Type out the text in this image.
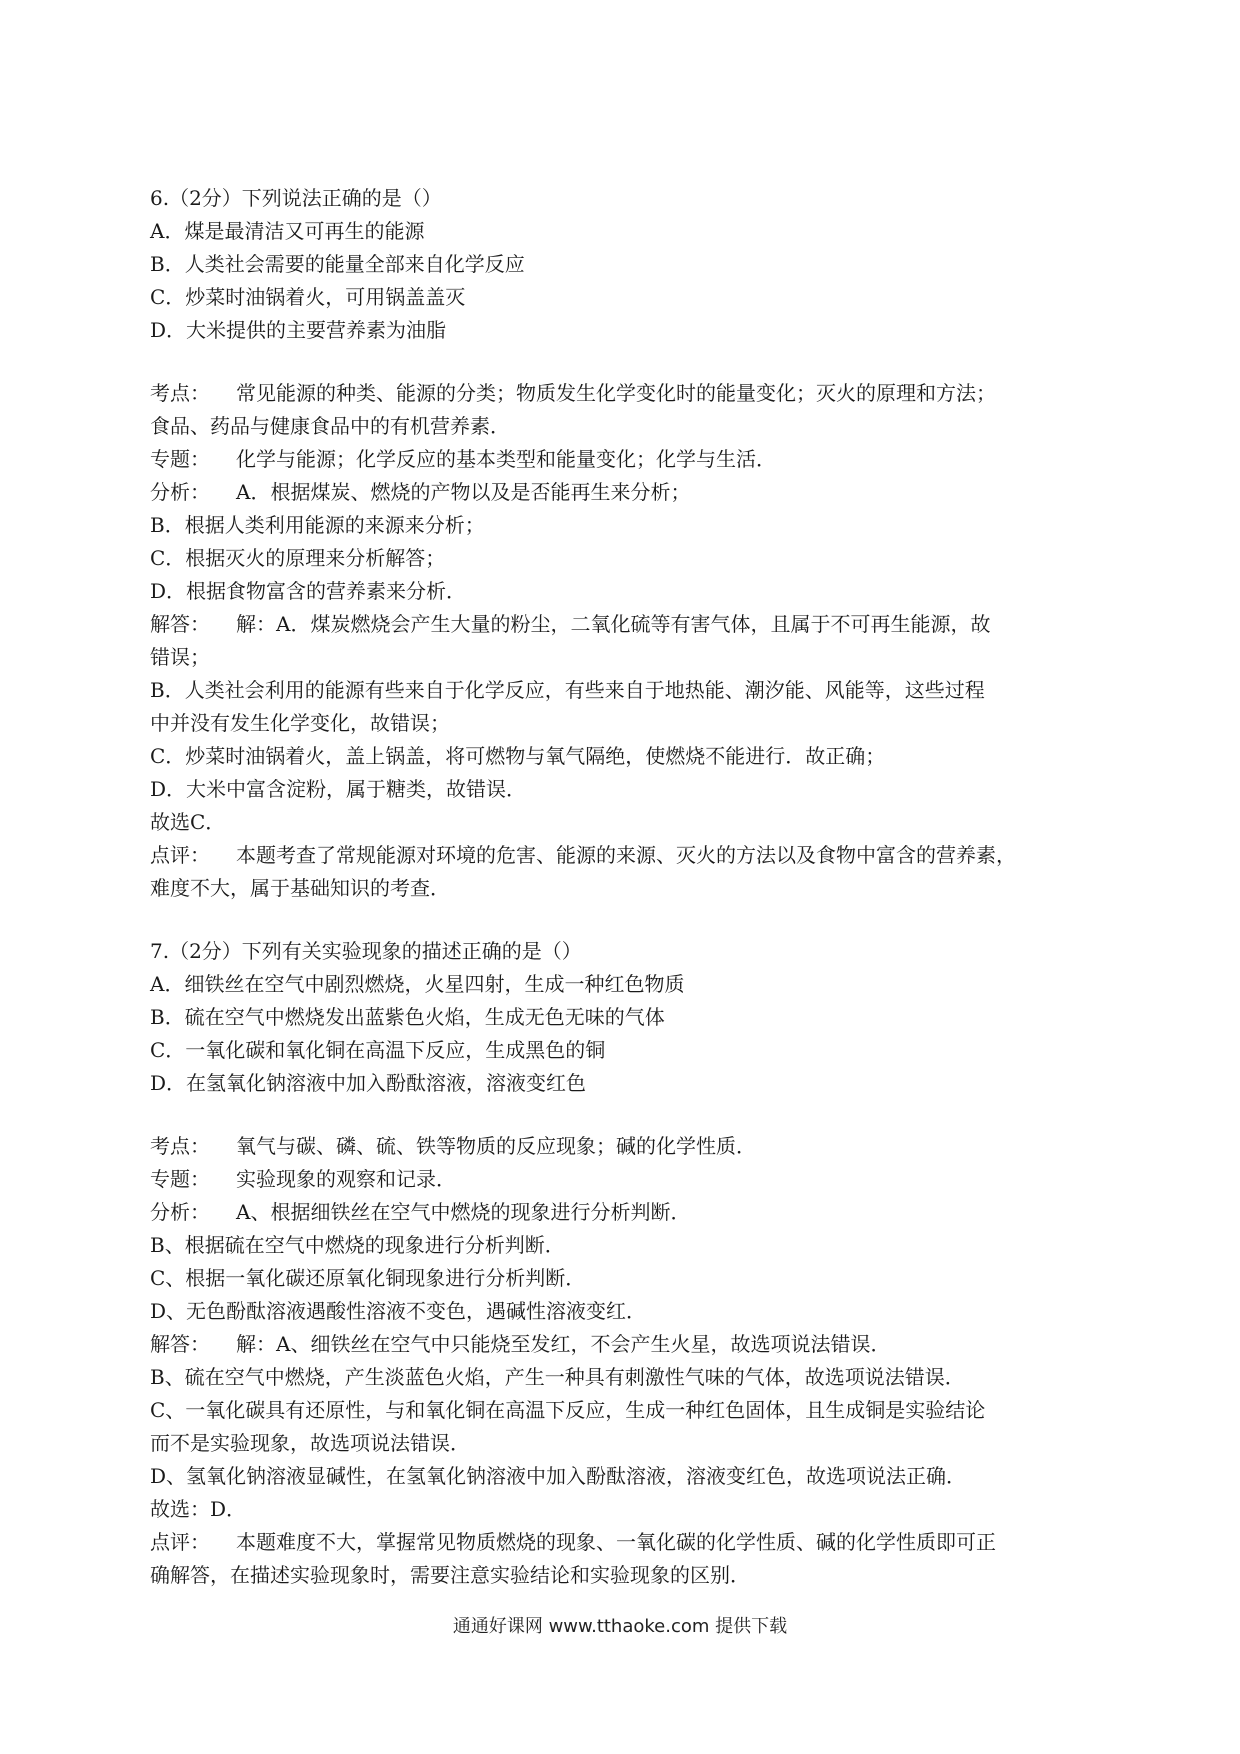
6.（2分）下列说法正确的是（）
A．煤是最清洁又可再生的能源
B．人类社会需要的能量全部来自化学反应
C．炒菜时油锅着火，可用锅盖盖灭
D．大米提供的主要营养素为油脂
考点： 常见能源的种类、能源的分类；物质发生化学变化时的能量变化；灭火的原理和方法；
食品、药品与健康食品中的有机营养素．
专题： 化学与能源；化学反应的基本类型和能量变化；化学与生活．
分析： A．根据煤炭、燃烧的产物以及是否能再生来分析；
B．根据人类利用能源的来源来分析；
C．根据灭火的原理来分析解答；
D．根据食物富含的营养素来分析．
解答： 解：A．煤炭燃烧会产生大量的粉尘，二氧化硫等有害气体，且属于不可再生能源，故
错误；
B．人类社会利用的能源有些来自于化学反应，有些来自于地热能、潮汐能、风能等，这些过程
中并没有发生化学变化，故错误；
C．炒菜时油锅着火，盖上锅盖，将可燃物与氧气隔绝，使燃烧不能进行．故正确；
D．大米中富含淀粉，属于糖类，故错误．
故选C．
点评： 本题考查了常规能源对环境的危害、能源的来源、灭火的方法以及食物中富含的营养素，
难度不大，属于基础知识的考查．
7.（2分）下列有关实验现象的描述正确的是（）
A．细铁丝在空气中剧烈燃烧，火星四射，生成一种红色物质
B．硫在空气中燃烧发出蓝紫色火焰，生成无色无味的气体
C．一氧化碳和氧化铜在高温下反应，生成黑色的铜
D．在氢氧化钠溶液中加入酚酞溶液，溶液变红色
考点： 氧气与碳、磷、硫、铁等物质的反应现象；碱的化学性质．
专题： 实验现象的观察和记录．
分析： A、根据细铁丝在空气中燃烧的现象进行分析判断．
B、根据硫在空气中燃烧的现象进行分析判断．
C、根据一氧化碳还原氧化铜现象进行分析判断．
D、无色酚酞溶液遇酸性溶液不变色，遇碱性溶液变红．
解答： 解：A、细铁丝在空气中只能烧至发红，不会产生火星，故选项说法错误．
B、硫在空气中燃烧，产生淡蓝色火焰，产生一种具有刺激性气味的气体，故选项说法错误．
C、一氧化碳具有还原性，与和氧化铜在高温下反应，生成一种红色固体，且生成铜是实验结论
而不是实验现象，故选项说法错误．
D、氢氧化钠溶液显碱性，在氢氧化钠溶液中加入酚酞溶液，溶液变红色，故选项说法正确．
故选：D．
点评： 本题难度不大，掌握常见物质燃烧的现象、一氧化碳的化学性质、碱的化学性质即可正
确解答，在描述实验现象时，需要注意实验结论和实验现象的区别．
通通好课网 www.tthaoke.com 提供下载
